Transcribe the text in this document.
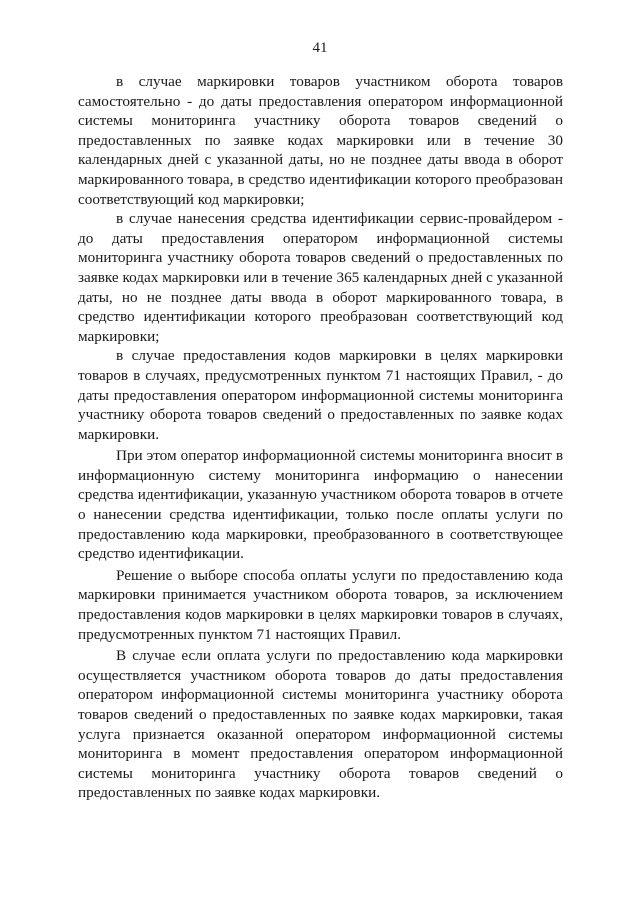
41

в случае маркировки товаров участником оборота товаров самостоятельно - до даты предоставления оператором информационной системы мониторинга участнику оборота товаров сведений о предоставленных по заявке кодах маркировки или в течение 30 календарных дней с указанной даты, но не позднее даты ввода в оборот маркированного товара, в средство идентификации которого преобразован соответствующий код маркировки;

в случае нанесения средства идентификации сервис-провайдером - до даты предоставления оператором информационной системы мониторинга участнику оборота товаров сведений о предоставленных по заявке кодах маркировки или в течение 365 календарных дней с указанной даты, но не позднее даты ввода в оборот маркированного товара, в средство идентификации которого преобразован соответствующий код маркировки;

в случае предоставления кодов маркировки в целях маркировки товаров в случаях, предусмотренных пунктом 71 настоящих Правил, - до даты предоставления оператором информационной системы мониторинга участнику оборота товаров сведений о предоставленных по заявке кодах маркировки.

При этом оператор информационной системы мониторинга вносит в информационную систему мониторинга информацию о нанесении средства идентификации, указанную участником оборота товаров в отчете о нанесении средства идентификации, только после оплаты услуги по предоставлению кода маркировки, преобразованного в соответствующее средство идентификации.

Решение о выборе способа оплаты услуги по предоставлению кода маркировки принимается участником оборота товаров, за исключением предоставления кодов маркировки в целях маркировки товаров в случаях, предусмотренных пунктом 71 настоящих Правил.

В случае если оплата услуги по предоставлению кода маркировки осуществляется участником оборота товаров до даты предоставления оператором информационной системы мониторинга участнику оборота товаров сведений о предоставленных по заявке кодах маркировки, такая услуга признается оказанной оператором информационной системы мониторинга в момент предоставления оператором информационной системы мониторинга участнику оборота товаров сведений о предоставленных по заявке кодах маркировки.
